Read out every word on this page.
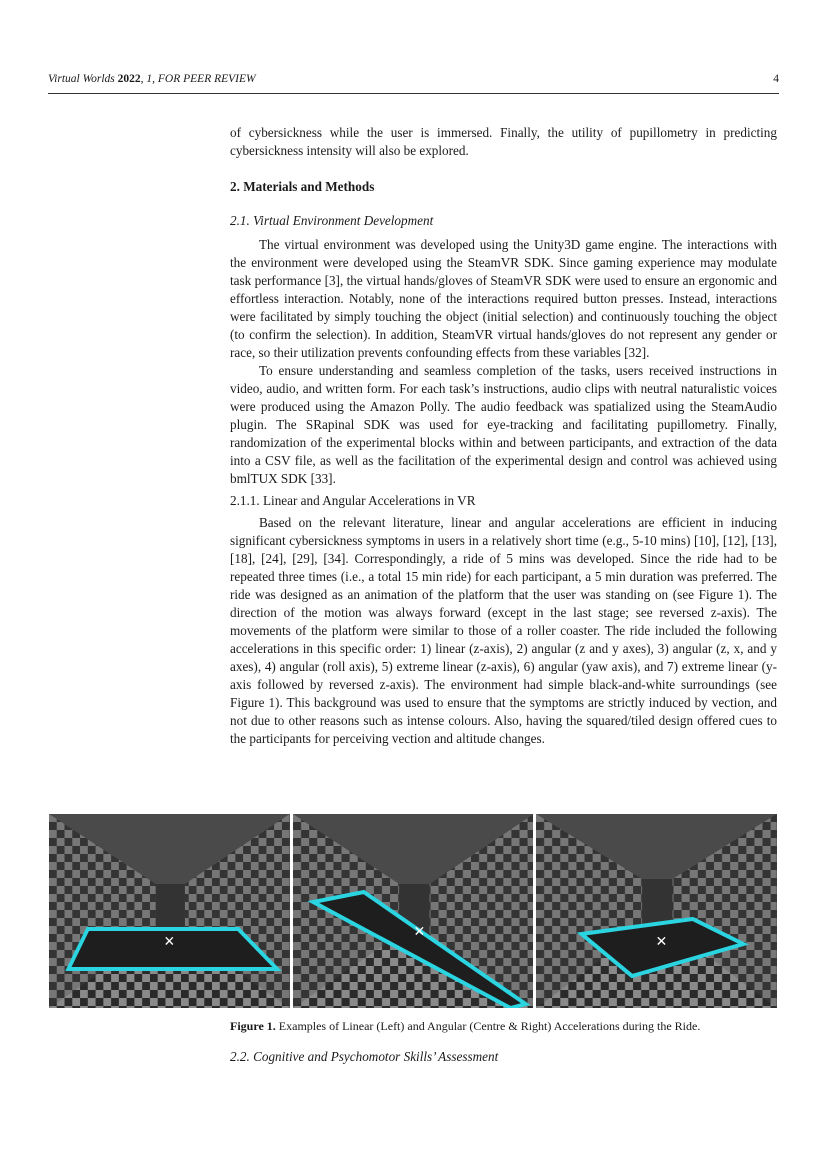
Virtual Worlds 2022, 1, FOR PEER REVIEW	4

of cybersickness while the user is immersed. Finally, the utility of pupillometry in predicting cybersickness intensity will also be explored.

2. Materials and Methods

2.1. Virtual Environment Development

The virtual environment was developed using the Unity3D game engine. The interactions with the environment were developed using the SteamVR SDK. Since gaming experience may modulate task performance [3], the virtual hands/gloves of SteamVR SDK were used to ensure an ergonomic and effortless interaction. Notably, none of the interactions required button presses. Instead, interactions were facilitated by simply touching the object (initial selection) and continuously touching the object (to confirm the selection). In addition, SteamVR virtual hands/gloves do not represent any gender or race, so their utilization prevents confounding effects from these variables [32].

To ensure understanding and seamless completion of the tasks, users received instructions in video, audio, and written form. For each task’s instructions, audio clips with neutral naturalistic voices were produced using the Amazon Polly. The audio feedback was spatialized using the SteamAudio plugin. The SRapinal SDK was used for eye-tracking and facilitating pupillometry. Finally, randomization of the experimental blocks within and between participants, and extraction of the data into a CSV file, as well as the facilitation of the experimental design and control was achieved using bmlTUX SDK [33].

2.1.1. Linear and Angular Accelerations in VR

Based on the relevant literature, linear and angular accelerations are efficient in inducing significant cybersickness symptoms in users in a relatively short time (e.g., 5-10 mins) [10], [12], [13], [18], [24], [29], [34]. Correspondingly, a ride of 5 mins was developed. Since the ride had to be repeated three times (i.e., a total 15 min ride) for each participant, a 5 min duration was preferred. The ride was designed as an animation of the platform that the user was standing on (see Figure 1). The direction of the motion was always forward (except in the last stage; see reversed z-axis). The movements of the platform were similar to those of a roller coaster. The ride included the following accelerations in this specific order: 1) linear (z-axis), 2) angular (z and y axes), 3) angular (z, x, and y axes), 4) angular (roll axis), 5) extreme linear (z-axis), 6) angular (yaw axis), and 7) extreme linear (y-axis followed by reversed z-axis). The environment had simple black-and-white surroundings (see Figure 1). This background was used to ensure that the symptoms are strictly induced by vection, and not due to other reasons such as intense colours. Also, having the squared/tiled design offered cues to the participants for perceiving vection and altitude changes.

✕
✕
✕
Figure 1. Examples of Linear (Left) and Angular (Centre & Right) Accelerations during the Ride.
2.2. Cognitive and Psychomotor Skills’ Assessment
